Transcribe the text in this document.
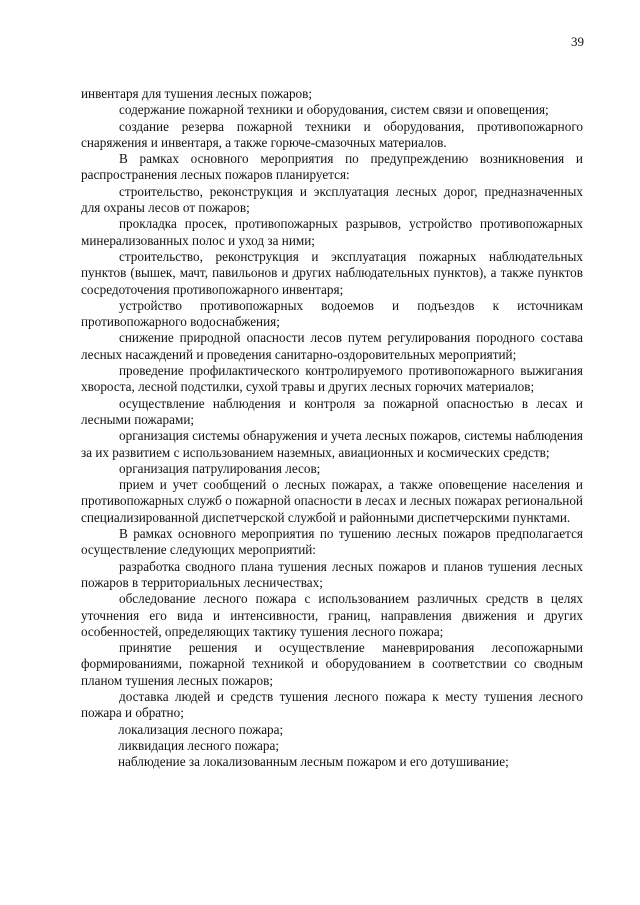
39

инвентаря для тушения лесных пожаров;

содержание пожарной техники и оборудования, систем связи и оповещения;

создание резерва пожарной техники и оборудования, противопожарного снаряжения и инвентаря, а также горюче-смазочных материалов.

В рамках основного мероприятия по предупреждению возникновения и распространения лесных пожаров планируется:

строительство, реконструкция и эксплуатация лесных дорог, предназначенных для охраны лесов от пожаров;

прокладка просек, противопожарных разрывов, устройство противопожарных минерализованных полос и уход за ними;

строительство, реконструкция и эксплуатация пожарных наблюдательных пунктов (вышек, мачт, павильонов и других наблюдательных пунктов), а также пунктов сосредоточения противопожарного инвентаря;

устройство противопожарных водоемов и подъездов к источникам противопожарного водоснабжения;

снижение природной опасности лесов путем регулирования породного состава лесных насаждений и проведения санитарно-оздоровительных мероприятий;

проведение профилактического контролируемого противопожарного выжигания хвороста, лесной подстилки, сухой травы и других лесных горючих материалов;

осуществление наблюдения и контроля за пожарной опасностью в лесах и лесными пожарами;

организация системы обнаружения и учета лесных пожаров, системы наблюдения за их развитием с использованием наземных, авиационных и космических средств;

организация патрулирования лесов;

прием и учет сообщений о лесных пожарах, а также оповещение населения и противопожарных служб о пожарной опасности в лесах и лесных пожарах региональной специализированной диспетчерской службой и районными диспетчерскими пунктами.

В рамках основного мероприятия по тушению лесных пожаров предполагается осуществление следующих мероприятий:

разработка сводного плана тушения лесных пожаров и планов тушения лесных пожаров в территориальных лесничествах;

обследование лесного пожара с использованием различных средств в целях уточнения его вида и интенсивности, границ, направления движения и других особенностей, определяющих тактику тушения лесного пожара;

принятие решения и осуществление маневрирования лесопожарными формированиями, пожарной техникой и оборудованием в соответствии со сводным планом тушения лесных пожаров;

доставка людей и средств тушения лесного пожара к месту тушения лесного пожара и обратно;

локализация лесного пожара;

ликвидация лесного пожара;

наблюдение за локализованным лесным пожаром и его дотушивание;
